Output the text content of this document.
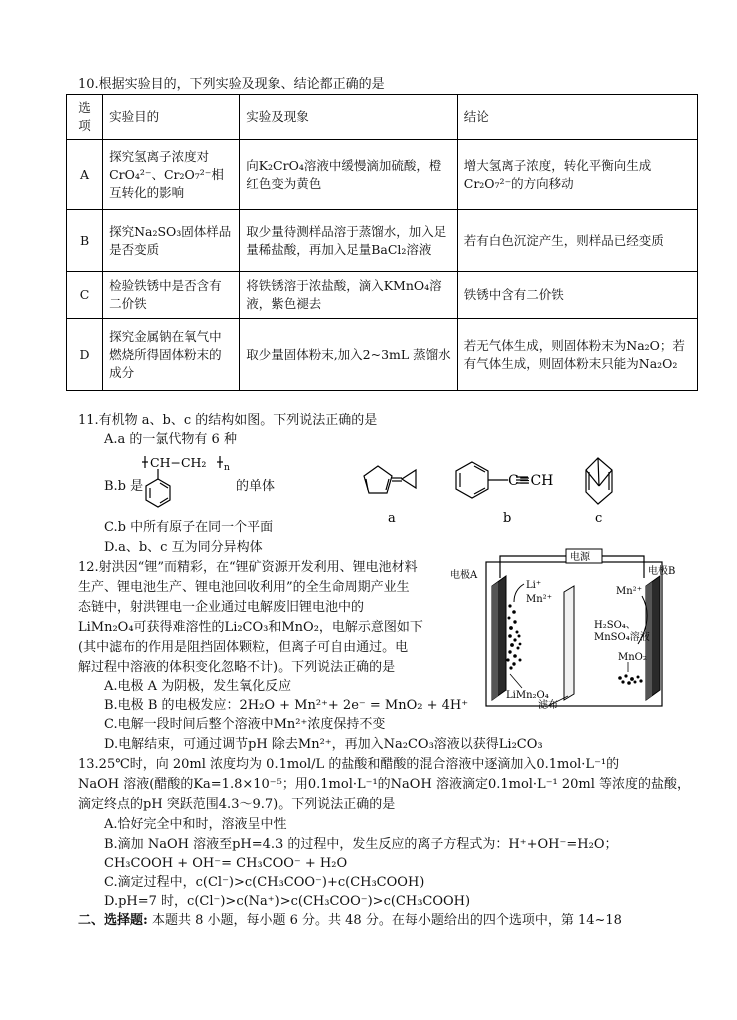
10.根据实验目的，下列实验及现象、结论都正确的是
选项	实验目的	实验及现象	结论
A	探究氢离子浓度对CrO₄²⁻、Cr₂O₇²⁻相互转化的影响	向K₂CrO₄溶液中缓慢滴加硫酸，橙红色变为黄色	增大氢离子浓度，转化平衡向生成Cr₂O₇²⁻的方向移动
B	探究Na₂SO₃固体样品是否变质	取少量待测样品溶于蒸馏水，加入足量稀盐酸，再加入足量BaCl₂溶液	若有白色沉淀产生，则样品已经变质
C	检验铁锈中是否含有二价铁	将铁锈溶于浓盐酸，滴入KMnO₄溶液，紫色褪去	铁锈中含有二价铁
D	探究金属钠在氧气中燃烧所得固体粉末的成分	取少量固体粉末,加入2~3mL 蒸馏水	若无气体生成，则固体粉末为Na₂O；若有气体生成，则固体粉末只能为Na₂O₂
11.有机物 a、b、c 的结构如图。下列说法正确的是
A.a 的一氯代物有 6 种
B.b 是	的单体
CH−CH₂ n
C≡CH
a	b	c
C.b 中所有原子在同一个平面
D.a、b、c 互为同分异构体
12.射洪因“锂”而精彩，在“锂矿资源开发利用、锂电池材料
生产、锂电池生产、锂电池回收利用”的全生命周期产业生
态链中，射洪锂电一企业通过电解废旧锂电池中的
LiMn₂O₄可获得难溶性的Li₂CO₃和MnO₂，电解示意图如下
(其中滤布的作用是阻挡固体颗粒，但离子可自由通过。电
解过程中溶液的体积变化忽略不计)。下列说法正确的是
A.电极 A 为阴极，发生氧化反应
B.电极 B 的电极发应：2H₂O + Mn²⁺+ 2e⁻ = MnO₂ + 4H⁺
C.电解一段时间后整个溶液中Mn²⁺浓度保持不变
D.电解结束，可通过调节pH 除去Mn²⁺，再加入Na₂CO₃溶液以获得Li₂CO₃
电源
电极A
Li⁺
Mn²⁺
LiMn₂O₄
滤布
电极B
Mn²⁺
H₂SO₄、
MnSO₄溶液
MnO₂
13.25℃时，向 20ml 浓度均为 0.1mol/L 的盐酸和醋酸的混合溶液中逐滴加入0.1mol·L⁻¹的
NaOH 溶液(醋酸的Ka=1.8×10⁻⁵；用0.1mol·L⁻¹的NaOH 溶液滴定0.1mol·L⁻¹ 20ml 等浓度的盐酸，
滴定终点的pH 突跃范围4.3～9.7)。下列说法正确的是
A.恰好完全中和时，溶液呈中性
B.滴加 NaOH 溶液至pH=4.3 的过程中，发生反应的离子方程式为：H⁺+OH⁻=H₂O；
CH₃COOH + OH⁻= CH₃COO⁻ + H₂O
C.滴定过程中，c(Cl⁻)>c(CH₃COO⁻)+c(CH₃COOH)
D.pH=7 时，c(Cl⁻)>c(Na⁺)>c(CH₃COO⁻)>c(CH₃COOH)
二、选择题: 本题共 8 小题，每小题 6 分。共 48 分。在每小题给出的四个选项中，第 14~18
